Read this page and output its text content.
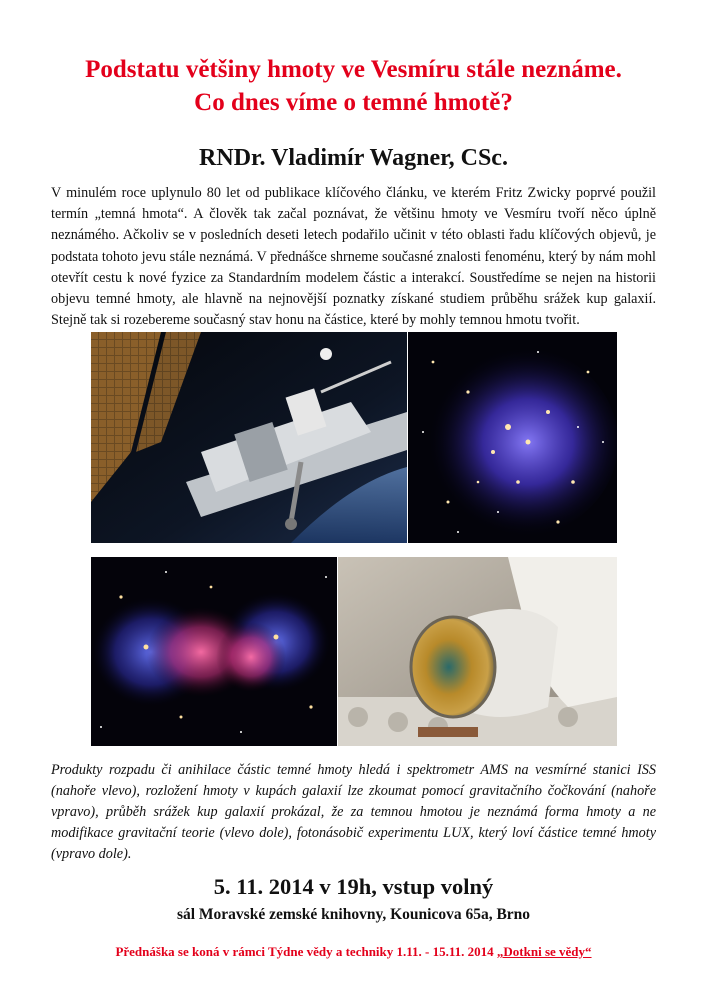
Podstatu většiny hmoty ve Vesmíru stále neznáme.
Co dnes víme o temné hmotě?
RNDr. Vladimír Wagner, CSc.

V minulém roce uplynulo 80 let od publikace klíčového článku, ve kterém Fritz Zwicky poprvé použil termín „temná hmota“. A člověk tak začal poznávat, že většinu hmoty ve Vesmíru tvoří něco úplně neznámého. Ačkoliv se v posledních deseti letech podařilo učinit v této oblasti řadu klíčových objevů, je podstata tohoto jevu stále neznámá. V přednášce shrneme současné znalosti fenoménu, který by nám mohl otevřít cestu k nové fyzice za Standardním modelem částic a interakcí. Soustředíme se nejen na historii objevu temné hmoty, ale hlavně na nejnovější poznatky získané studiem průběhu srážek kup galaxií. Stejně tak si rozebereme současný stav honu na částice, které by mohly temnou hmotu tvořit.

Produkty rozpadu či anihilace částic temné hmoty hledá i spektrometr AMS na vesmírné stanici ISS (nahoře vlevo), rozložení hmoty v kupách galaxií lze zkoumat pomocí gravitačního čočkování (nahoře vpravo), průběh srážek kup galaxií prokázal, že za temnou hmotou je neznámá forma hmoty a ne modifikace gravitační teorie (vlevo dole), fotonásobič experimentu LUX, který loví částice temné hmoty (vpravo dole).

5. 11. 2014 v 19h, vstup volný
sál Moravské zemské knihovny, Kounicova 65a, Brno
Přednáška se koná v rámci Týdne vědy a techniky 1.11. - 15.11. 2014 „Dotkni se vědy“
